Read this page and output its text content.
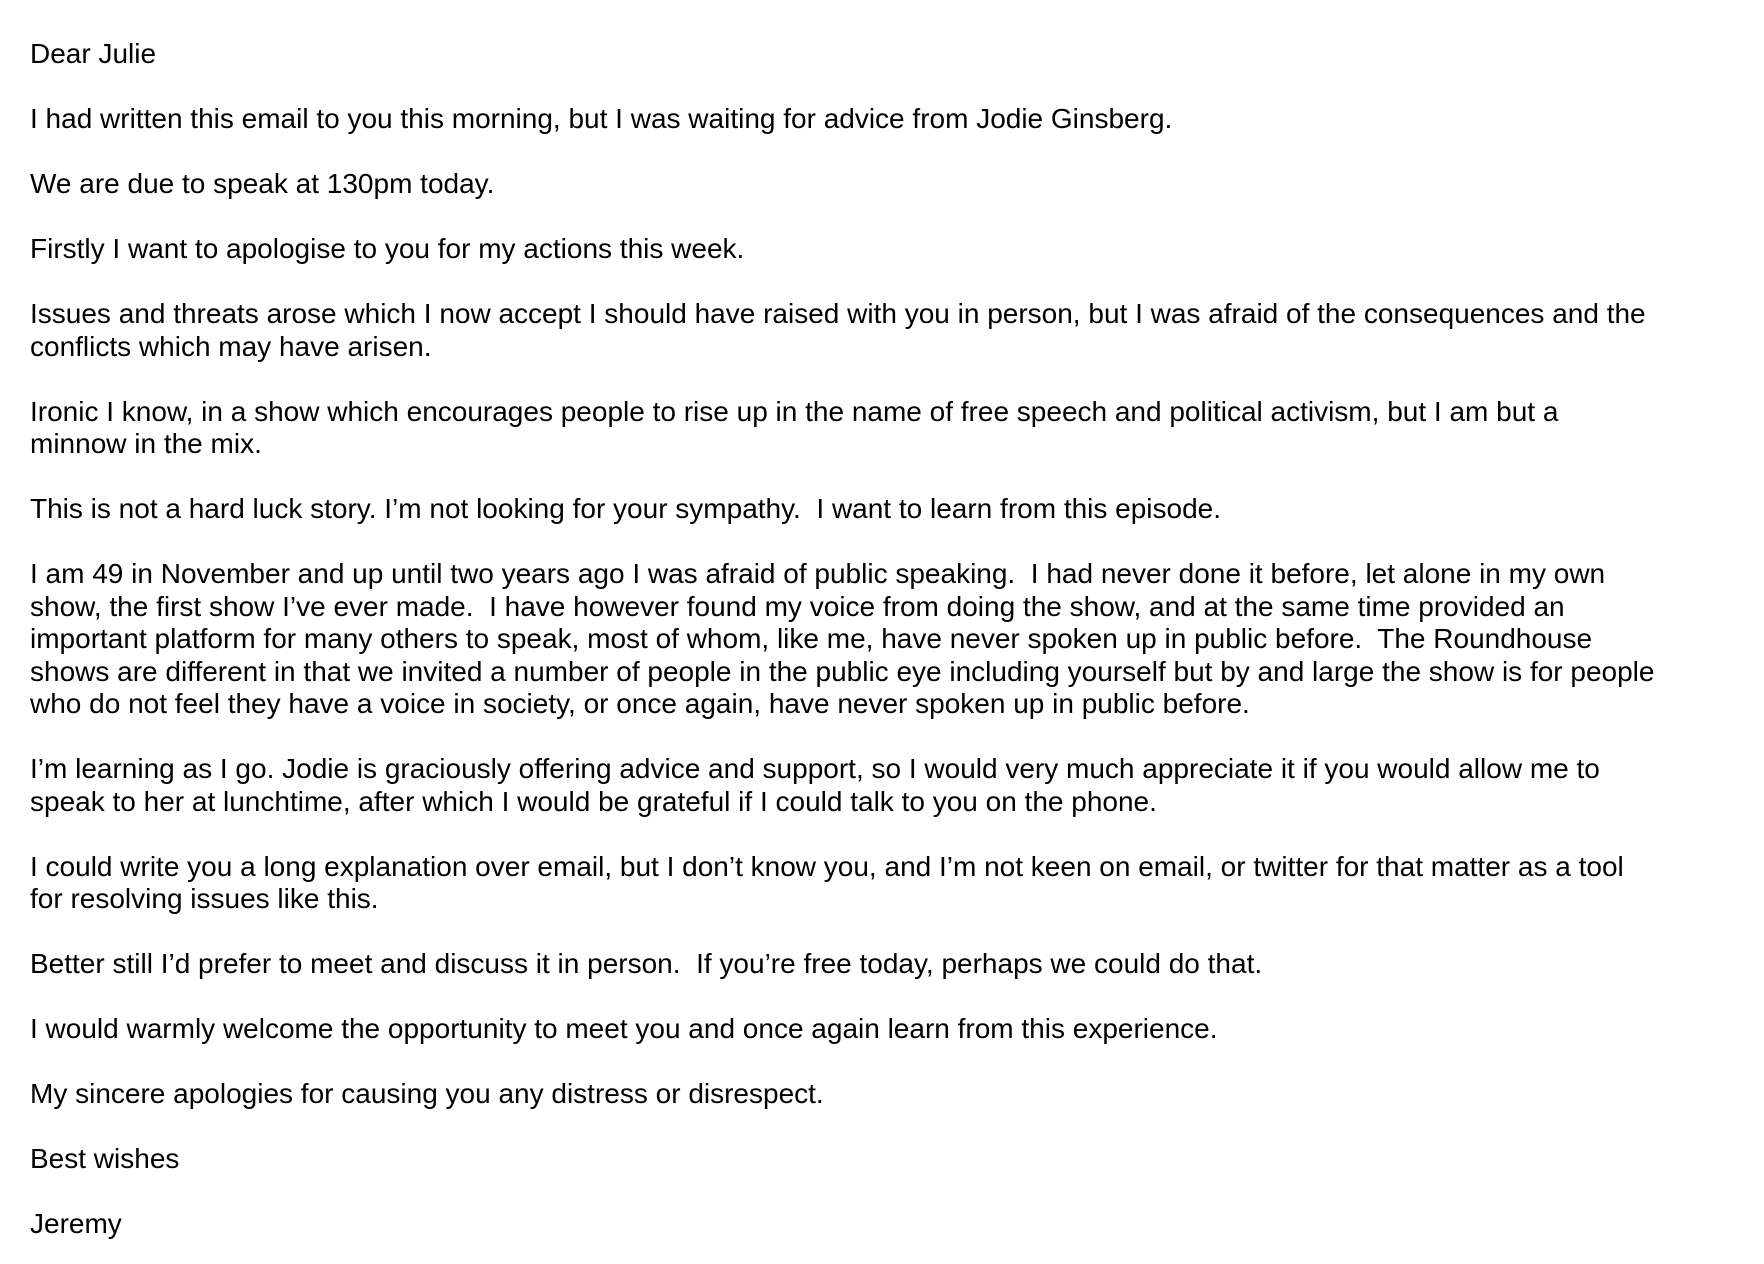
Dear Julie

I had written this email to you this morning, but I was waiting for advice from Jodie Ginsberg.

We are due to speak at 130pm today.

Firstly I want to apologise to you for my actions this week.

Issues and threats arose which I now accept I should have raised with you in person, but I was afraid of the consequences and the
conflicts which may have arisen.

Ironic I know, in a show which encourages people to rise up in the name of free speech and political activism, but I am but a
minnow in the mix.

This is not a hard luck story. I’m not looking for your sympathy.  I want to learn from this episode.

I am 49 in November and up until two years ago I was afraid of public speaking.  I had never done it before, let alone in my own
show, the first show I’ve ever made.  I have however found my voice from doing the show, and at the same time provided an
important platform for many others to speak, most of whom, like me, have never spoken up in public before.  The Roundhouse
shows are different in that we invited a number of people in the public eye including yourself but by and large the show is for people
who do not feel they have a voice in society, or once again, have never spoken up in public before.

I’m learning as I go. Jodie is graciously offering advice and support, so I would very much appreciate it if you would allow me to
speak to her at lunchtime, after which I would be grateful if I could talk to you on the phone.

I could write you a long explanation over email, but I don’t know you, and I’m not keen on email, or twitter for that matter as a tool
for resolving issues like this.

Better still I’d prefer to meet and discuss it in person.  If you’re free today, perhaps we could do that.

I would warmly welcome the opportunity to meet you and once again learn from this experience.

My sincere apologies for causing you any distress or disrespect.

Best wishes

Jeremy
